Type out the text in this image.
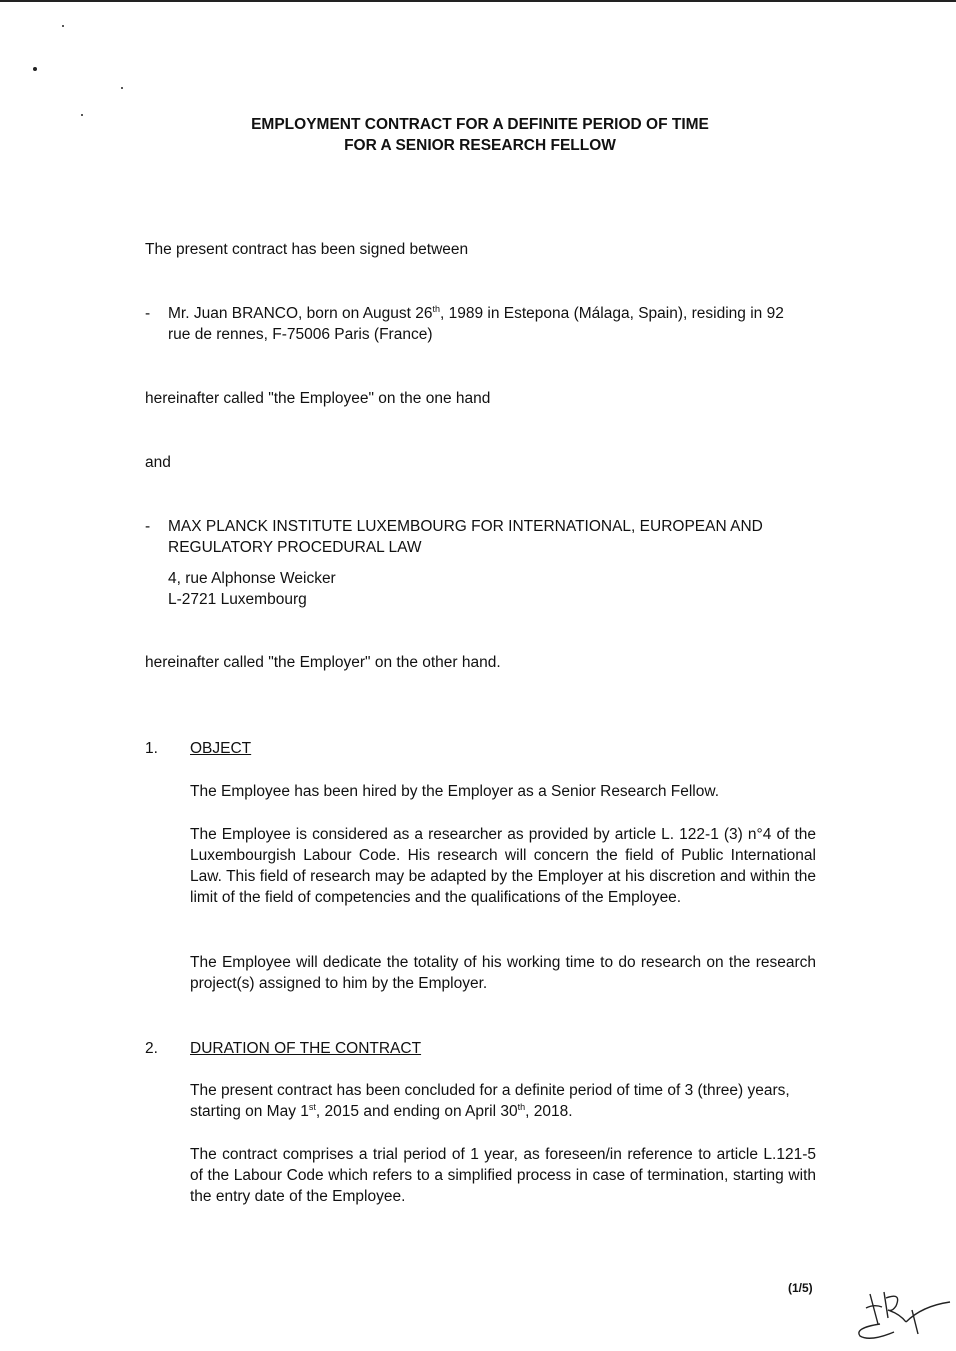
EMPLOYMENT CONTRACT FOR A DEFINITE PERIOD OF TIME
FOR A SENIOR RESEARCH FELLOW
The present contract has been signed between
- Mr. Juan BRANCO, born on August 26th, 1989 in Estepona (Málaga, Spain), residing in 92
rue de rennes, F-75006 Paris (France)
hereinafter called "the Employee" on the one hand
and
- MAX PLANCK INSTITUTE LUXEMBOURG FOR INTERNATIONAL, EUROPEAN AND
REGULATORY PROCEDURAL LAW
4, rue Alphonse Weicker
L-2721 Luxembourg
hereinafter called "the Employer" on the other hand.
1. OBJECT
The Employee has been hired by the Employer as a Senior Research Fellow.
The Employee is considered as a researcher as provided by article L. 122-1 (3) n°4 of the Luxembourgish Labour Code. His research will concern the field of Public International Law. This field of research may be adapted by the Employer at his discretion and within the limit of the field of competencies and the qualifications of the Employee.
The Employee will dedicate the totality of his working time to do research on the research project(s) assigned to him by the Employer.
2. DURATION OF THE CONTRACT
The present contract has been concluded for a definite period of time of 3 (three) years, starting on May 1st, 2015 and ending on April 30th, 2018.
The contract comprises a trial period of 1 year, as foreseen/in reference to article L.121-5 of the Labour Code which refers to a simplified process in case of termination, starting with the entry date of the Employee.
(1/5)
